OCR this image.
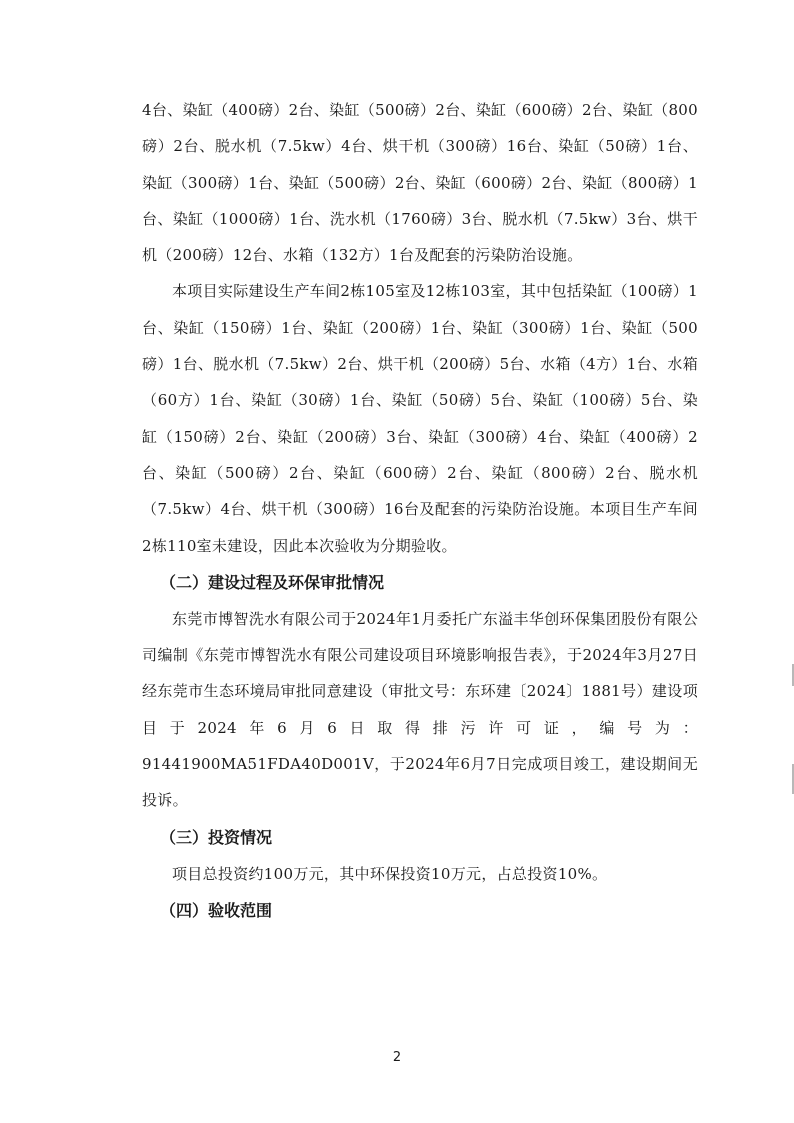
4台、染缸（400磅）2台、染缸（500磅）2台、染缸（600磅）2台、染缸（800磅）2台、脱水机（7.5kw）4台、烘干机（300磅）16台、染缸（50磅）1台、染缸（300磅）1台、染缸（500磅）2台、染缸（600磅）2台、染缸（800磅）1台、染缸（1000磅）1台、洗水机（1760磅）3台、脱水机（7.5kw）3台、烘干机（200磅）12台、水箱（132方）1台及配套的污染防治设施。

本项目实际建设生产车间2栋105室及12栋103室，其中包括染缸（100磅）1台、染缸（150磅）1台、染缸（200磅）1台、染缸（300磅）1台、染缸（500磅）1台、脱水机（7.5kw）2台、烘干机（200磅）5台、水箱（4方）1台、水箱（60方）1台、染缸（30磅）1台、染缸（50磅）5台、染缸（100磅）5台、染缸（150磅）2台、染缸（200磅）3台、染缸（300磅）4台、染缸（400磅）2台、染缸（500磅）2台、染缸（600磅）2台、染缸（800磅）2台、脱水机（7.5kw）4台、烘干机（300磅）16台及配套的污染防治设施。本项目生产车间2栋110室未建设，因此本次验收为分期验收。

（二）建设过程及环保审批情况

东莞市博智洗水有限公司于2024年1月委托广东溢丰华创环保集团股份有限公司编制《东莞市博智洗水有限公司建设项目环境影响报告表》，于2024年3月27日经东莞市生态环境局审批同意建设（审批文号：东环建〔2024〕1881号）建设项目于2024年6月6日取得排污许可证，编号为：91441900MA51FDA40D001V，于2024年6月7日完成项目竣工，建设期间无投诉。

（三）投资情况

项目总投资约100万元，其中环保投资10万元，占总投资10%。

（四）验收范围
2
